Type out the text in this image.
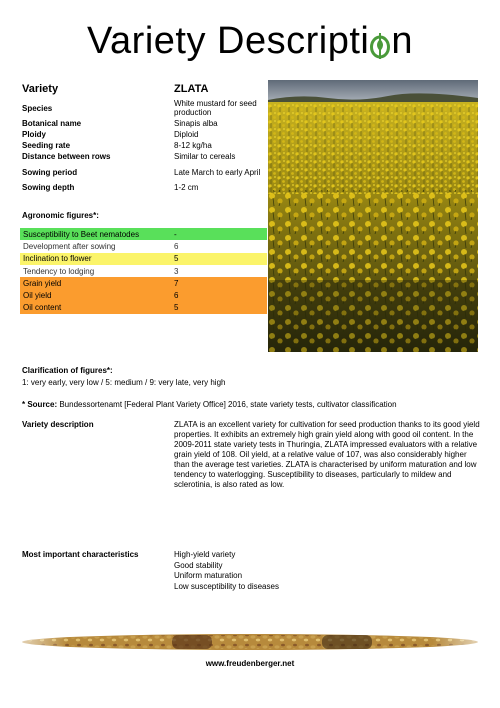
Variety Descripti n
Variety	ZLATA
Species	White mustard for seed production
Botanical name	Sinapis alba
Ploidy	Diploid
Seeding rate	8-12 kg/ha
Distance between rows	Similar to cereals
Sowing period	Late March to early April
Sowing depth	1-2 cm
Agronomic figures*:
Susceptibility to Beet nematodes	-
Development after sowing	6
Inclination to flower	5
Tendency to lodging	3
Grain yield	7
Oil yield	6
Oil content	5
Clarification of figures*:
1: very early, very low / 5: medium / 9: very late, very high
* Source: Bundessortenamt [Federal Plant Variety Office] 2016, state variety tests, cultivator classification
Variety description	ZLATA is an excellent variety for cultivation for seed production thanks to its good yield properties. It exhibits an extremely high grain yield along with good oil content. In the 2009-2011 state variety tests in Thuringia, ZLATA impressed evaluators with a relative grain yield of 108. Oil yield, at a relative value of 107, was also considerably higher than the average test varieties. ZLATA is characterised by uniform maturation and low tendency to waterlogging. Susceptibility to diseases, particularly to mildew and sclerotinia, is also rated as low.
Most important characteristics	High-yield variety
Good stability
Uniform maturation
Low susceptibility to diseases
www.freudenberger.net
